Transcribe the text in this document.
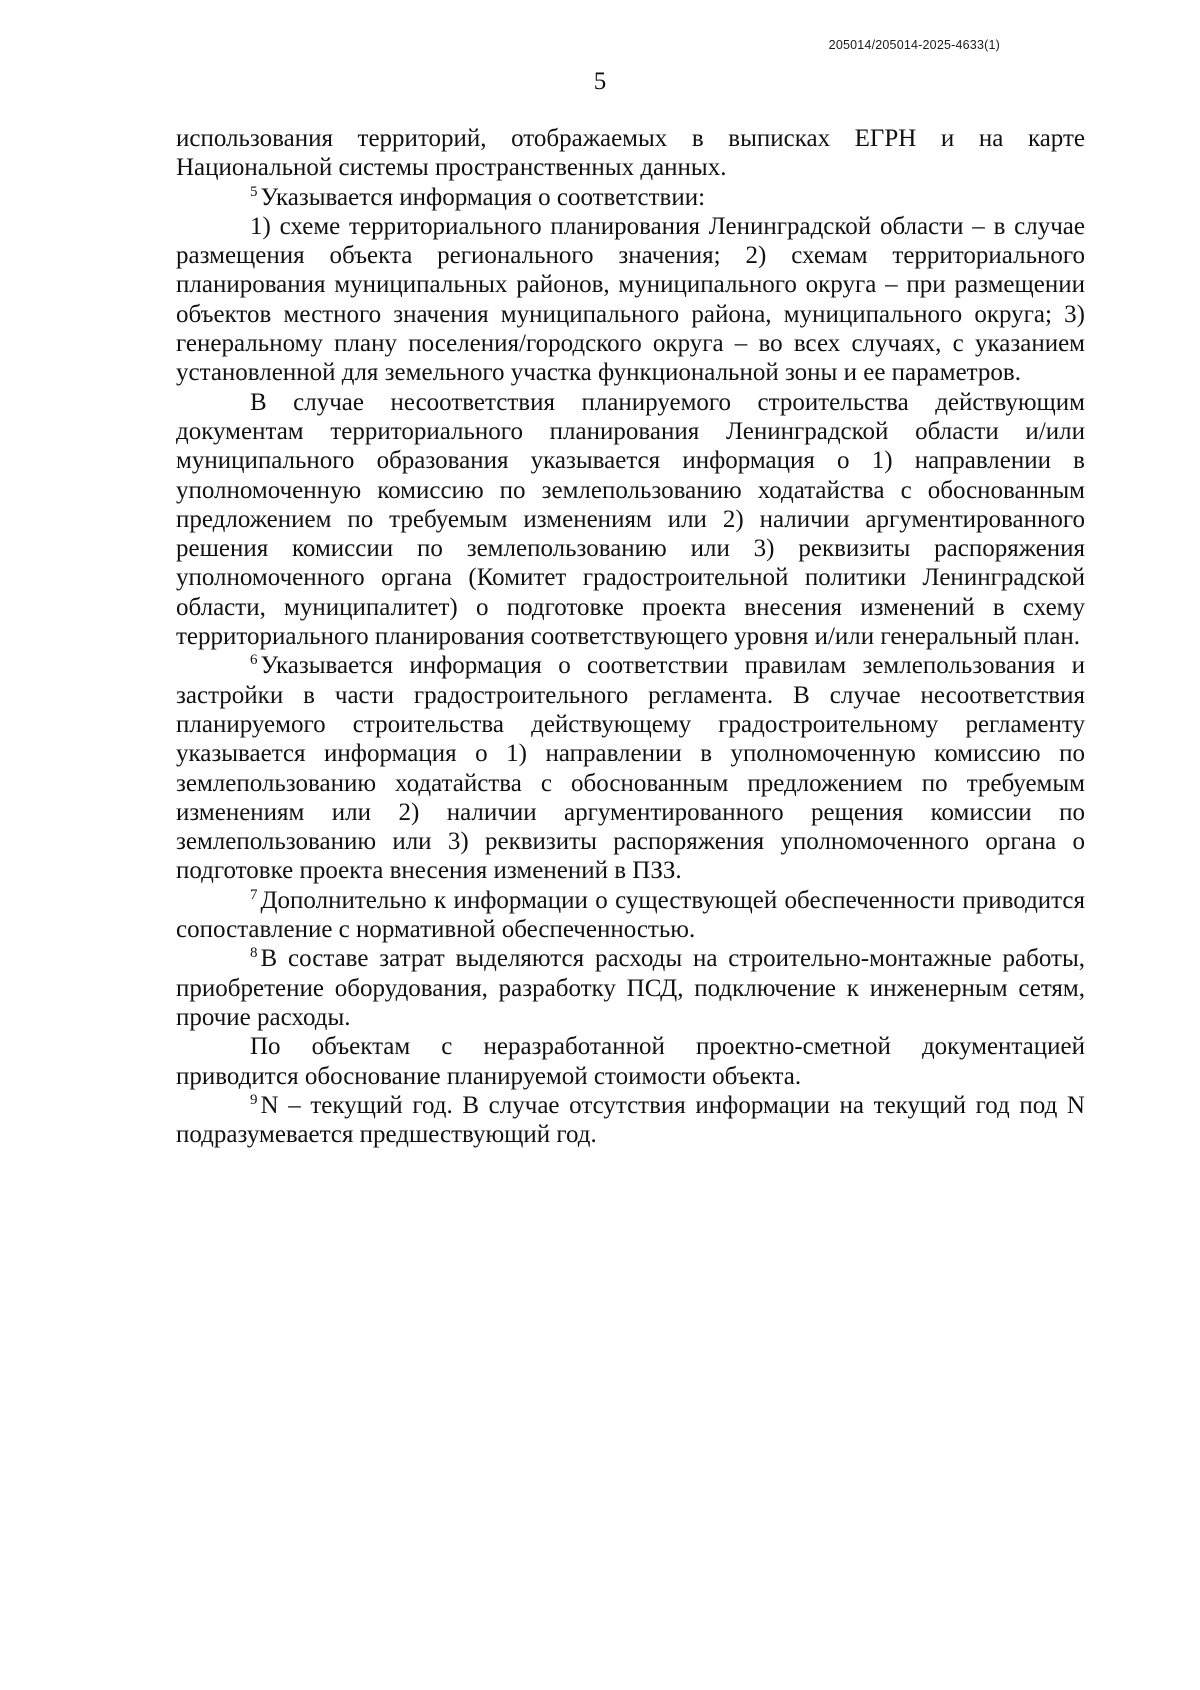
205014/205014-2025-4633(1)
5

использования территорий, отображаемых в выписках ЕГРН и на карте Национальной системы пространственных данных.

$^5$ Указывается информация о соответствии:

1) схеме территориального планирования Ленинградской области – в случае размещения объекта регионального значения; 2) схемам территориального планирования муниципальных районов, муниципального округа – при размещении объектов местного значения муниципального района, муниципального округа; 3) генеральному плану поселения/городского округа – во всех случаях, с указанием установленной для земельного участка функциональной зоны и ее параметров.

В случае несоответствия планируемого строительства действующим документам территориального планирования Ленинградской области и/или муниципального образования указывается информация о 1) направлении в уполномоченную комиссию по землепользованию ходатайства с обоснованным предложением по требуемым изменениям или 2) наличии аргументированного решения комиссии по землепользованию или 3) реквизиты распоряжения уполномоченного органа (Комитет градостроительной политики Ленинградской области, муниципалитет) о подготовке проекта внесения изменений в схему территориального планирования соответствующего уровня и/или генеральный план.

$^6$ Указывается информация о соответствии правилам землепользования и застройки в части градостроительного регламента. В случае несоответствия планируемого строительства действующему градостроительному регламенту указывается информация о 1) направлении в уполномоченную комиссию по землепользованию ходатайства с обоснованным предложением по требуемым изменениям или 2) наличии аргументированного рещения комиссии по землепользованию или 3) реквизиты распоряжения уполномоченного органа о подготовке проекта внесения изменений в ПЗЗ.

$^7$ Дополнительно к информации о существующей обеспеченности приводится сопоставление с нормативной обеспеченностью.

$^8$ В составе затрат выделяются расходы на строительно-монтажные работы, приобретение оборудования, разработку ПСД, подключение к инженерным сетям, прочие расходы.

По объектам с неразработанной проектно-сметной документацией приводится обоснование планируемой стоимости объекта.

$^9$ N – текущий год. В случае отсутствия информации на текущий год под N подразумевается предшествующий год.
